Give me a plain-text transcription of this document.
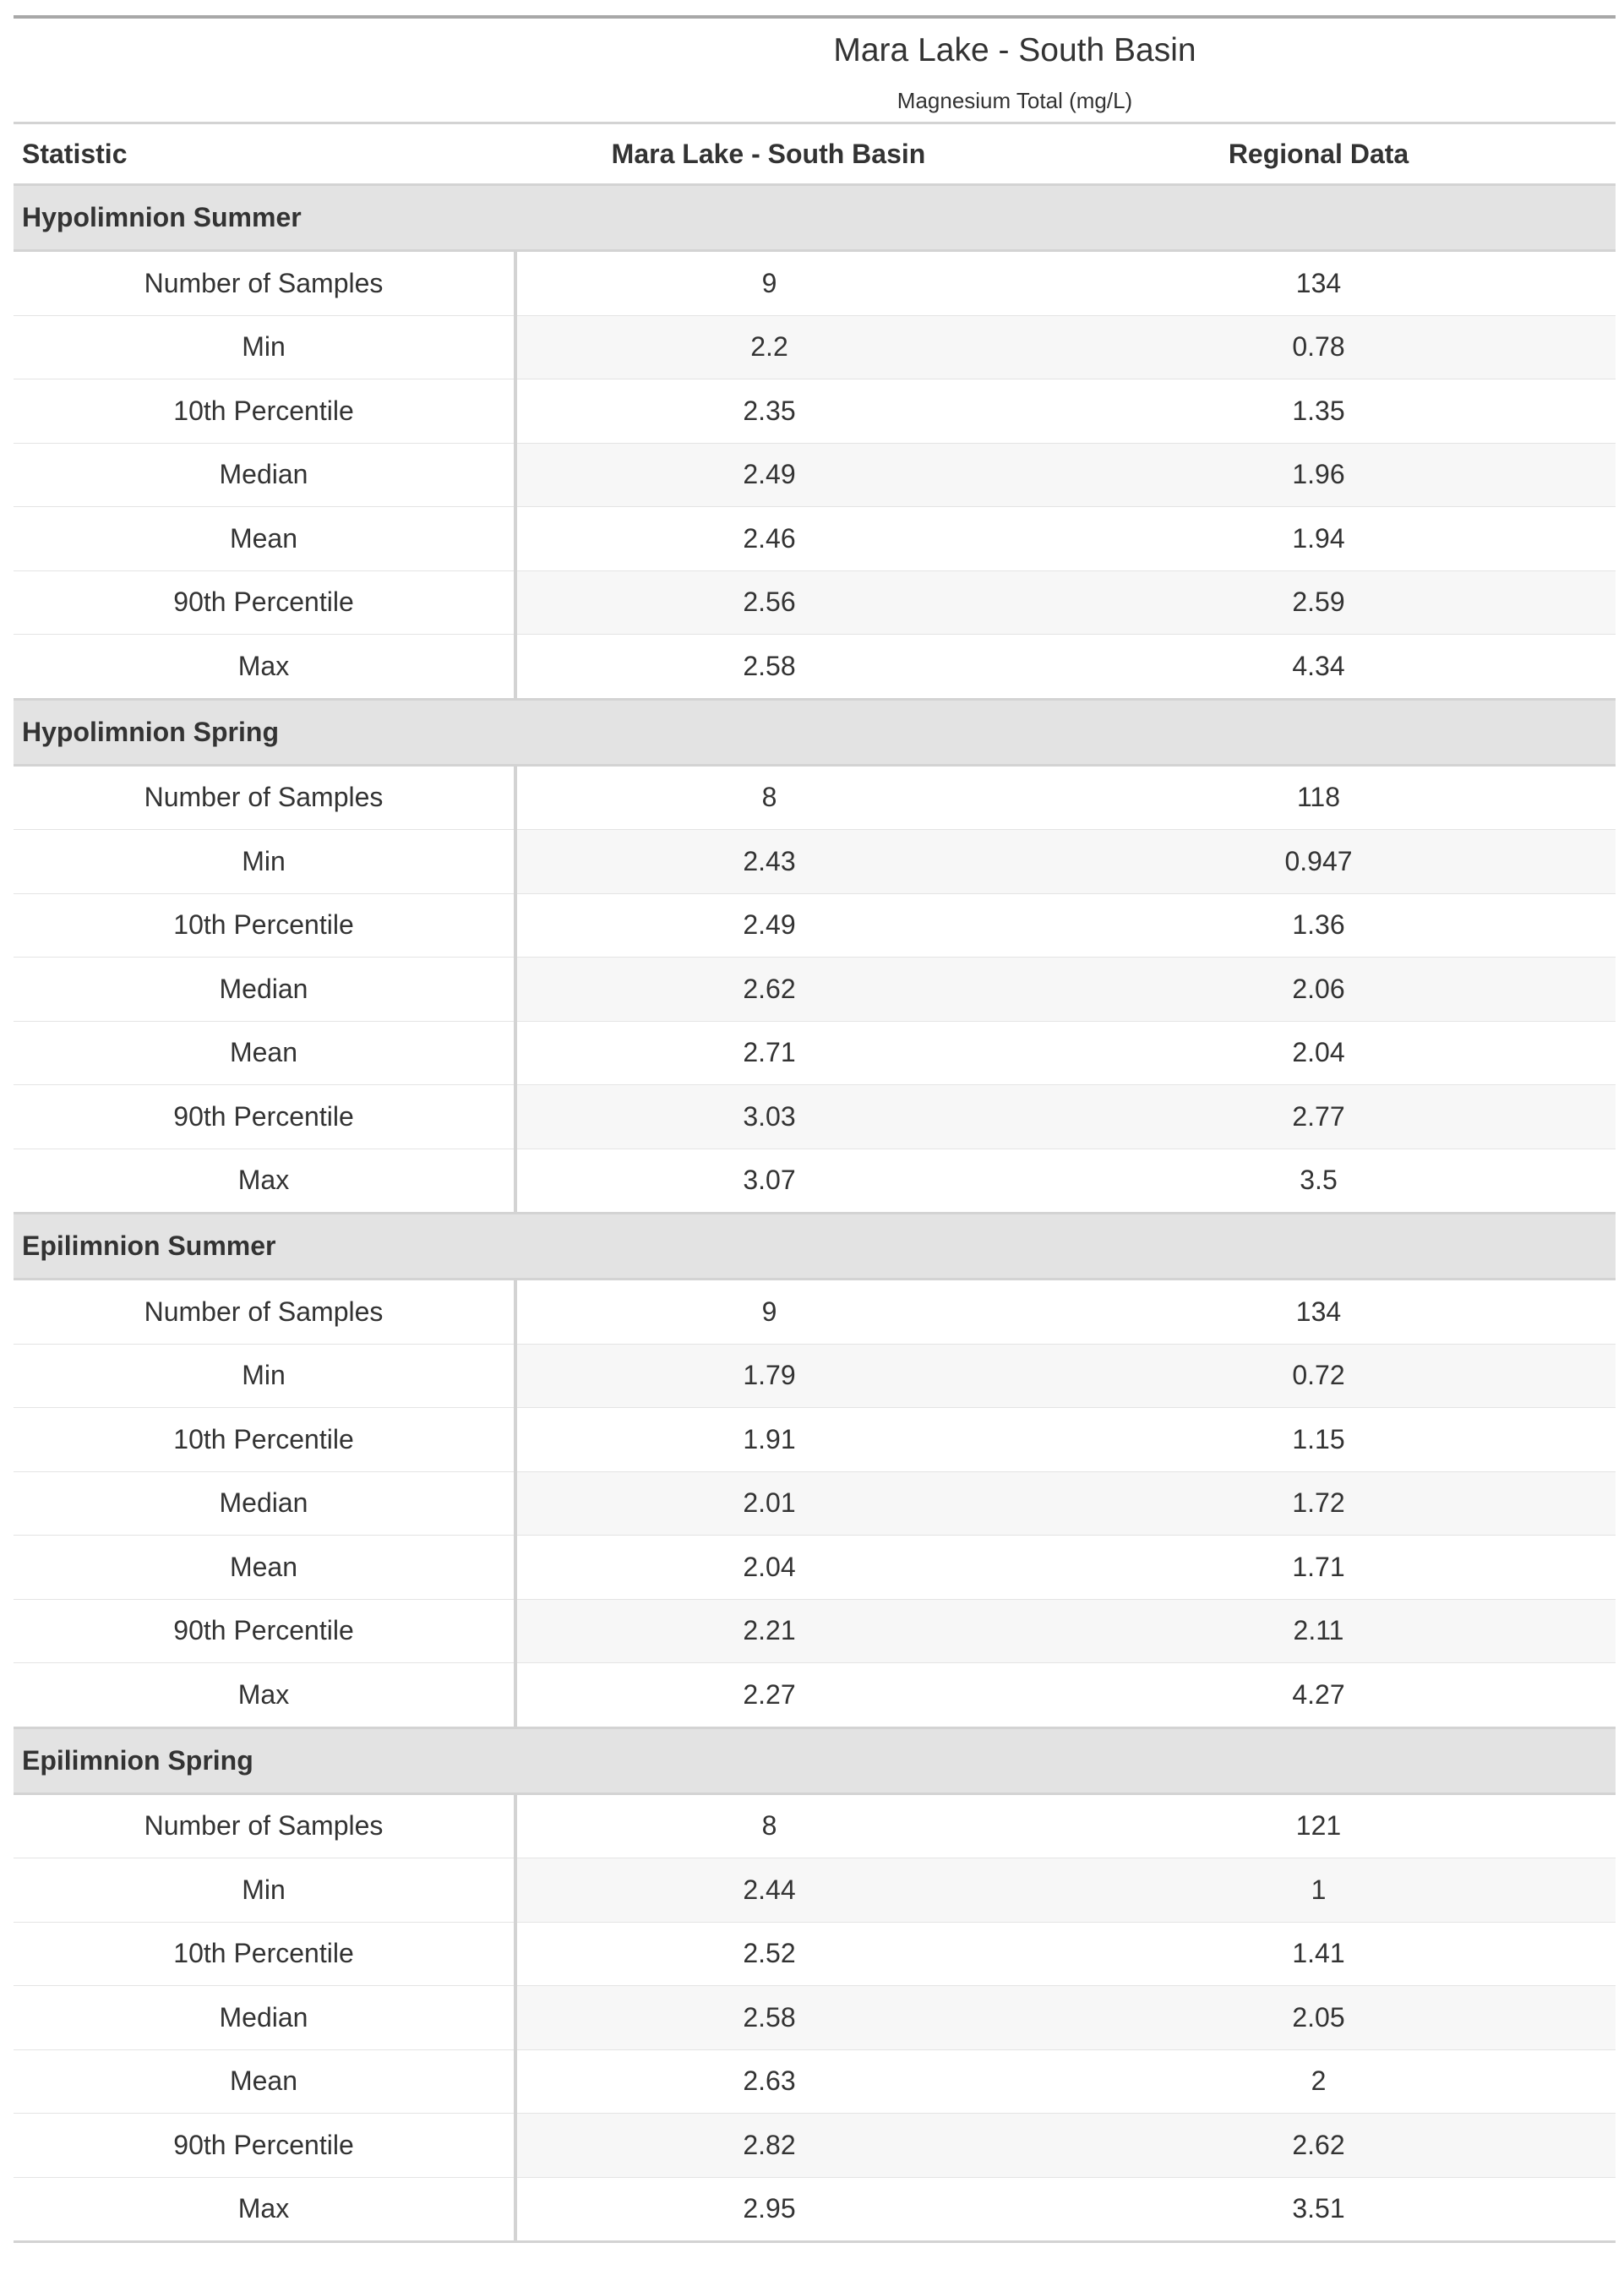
Mara Lake - South Basin
Magnesium Total (mg/L)		

Statistic	Mara Lake - South Basin	Regional Data
Hypolimnion Summer		
Number of Samples	9	134
Min	2.2	0.78
10th Percentile	2.35	1.35
Median	2.49	1.96
Mean	2.46	1.94
90th Percentile	2.56	2.59
Max	2.58	4.34
Hypolimnion Spring		
Number of Samples	8	118
Min	2.43	0.947
10th Percentile	2.49	1.36
Median	2.62	2.06
Mean	2.71	2.04
90th Percentile	3.03	2.77
Max	3.07	3.5
Epilimnion Summer		
Number of Samples	9	134
Min	1.79	0.72
10th Percentile	1.91	1.15
Median	2.01	1.72
Mean	2.04	1.71
90th Percentile	2.21	2.11
Max	2.27	4.27
Epilimnion Spring		
Number of Samples	8	121
Min	2.44	1
10th Percentile	2.52	1.41
Median	2.58	2.05
Mean	2.63	2
90th Percentile	2.82	2.62
Max	2.95	3.51
